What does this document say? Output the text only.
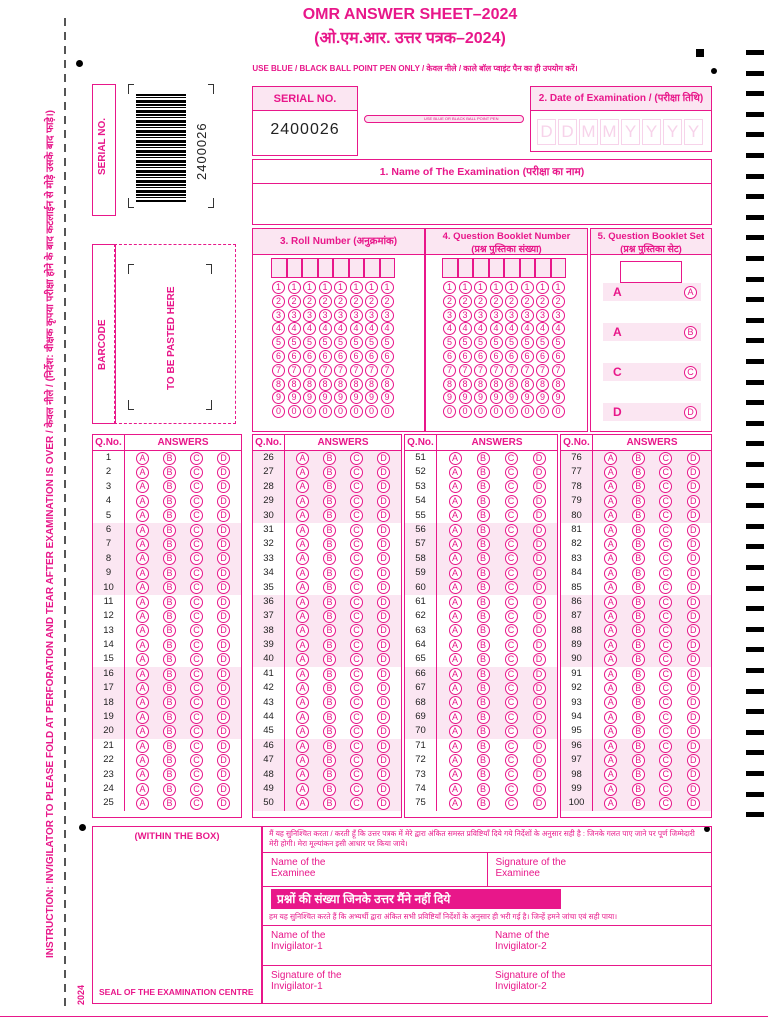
INSTRUCTION: INVIGILATOR TO PLEASE FOLD AT PERFORATION AND TEAR AFTER EXAMINATION IS OVER / केवल नीले / (निर्देश: वीक्षक कृपया परीक्षा होने के बाद कटलाईन से मोड़े उसके बाद फाड़े।)
OMR ANSWER SHEET–2024
(ओ.एम.आर. उत्तर पत्रक–2024)
USE BLUE / BLACK BALL POINT PEN ONLY / केवल नीले / काले बॉल प्वाइंट पैन का ही उपयोग करें।
SERIAL NO.	2400026
BARCODE	TO BE PASTED HERE
SERIAL NO.
2400026
USE BLUE OR BLACK BALL POINT PEN
2. Date of Examination / (परीक्षा तिथि)
D D M M Y Y Y Y
1. Name of The Examination (परीक्षा का नाम)
3. Roll Number (अनुक्रमांक)
1	1	1	1	1	1	1	1
2	2	2	2	2	2	2	2
3	3	3	3	3	3	3	3
4	4	4	4	4	4	4	4
5	5	5	5	5	5	5	5
6	6	6	6	6	6	6	6
7	7	7	7	7	7	7	7
8	8	8	8	8	8	8	8
9	9	9	9	9	9	9	9
0	0	0	0	0	0	0	0
4. Question Booklet Number
(प्रश्न पुस्तिका संख्या)
1	1	1	1	1	1	1	1
2	2	2	2	2	2	2	2
3	3	3	3	3	3	3	3
4	4	4	4	4	4	4	4
5	5	5	5	5	5	5	5
6	6	6	6	6	6	6	6
7	7	7	7	7	7	7	7
8	8	8	8	8	8	8	8
9	9	9	9	9	9	9	9
0	0	0	0	0	0	0	0
5. Question Booklet Set
(प्रश्न पुस्तिका सेट)
A	A
A	B
C	C
D	D
Q.No.	ANSWERS
1	A	B	C	D
2	A	B	C	D
3	A	B	C	D
4	A	B	C	D
5	A	B	C	D
6	A	B	C	D
7	A	B	C	D
8	A	B	C	D
9	A	B	C	D
10	A	B	C	D
11	A	B	C	D
12	A	B	C	D
13	A	B	C	D
14	A	B	C	D
15	A	B	C	D
16	A	B	C	D
17	A	B	C	D
18	A	B	C	D
19	A	B	C	D
20	A	B	C	D
21	A	B	C	D
22	A	B	C	D
23	A	B	C	D
24	A	B	C	D
25	A	B	C	D
Q.No.	ANSWERS
26	A	B	C	D
27	A	B	C	D
28	A	B	C	D
29	A	B	C	D
30	A	B	C	D
31	A	B	C	D
32	A	B	C	D
33	A	B	C	D
34	A	B	C	D
35	A	B	C	D
36	A	B	C	D
37	A	B	C	D
38	A	B	C	D
39	A	B	C	D
40	A	B	C	D
41	A	B	C	D
42	A	B	C	D
43	A	B	C	D
44	A	B	C	D
45	A	B	C	D
46	A	B	C	D
47	A	B	C	D
48	A	B	C	D
49	A	B	C	D
50	A	B	C	D
Q.No.	ANSWERS
51	A	B	C	D
52	A	B	C	D
53	A	B	C	D
54	A	B	C	D
55	A	B	C	D
56	A	B	C	D
57	A	B	C	D
58	A	B	C	D
59	A	B	C	D
60	A	B	C	D
61	A	B	C	D
62	A	B	C	D
63	A	B	C	D
64	A	B	C	D
65	A	B	C	D
66	A	B	C	D
67	A	B	C	D
68	A	B	C	D
69	A	B	C	D
70	A	B	C	D
71	A	B	C	D
72	A	B	C	D
73	A	B	C	D
74	A	B	C	D
75	A	B	C	D
Q.No.	ANSWERS
76	A	B	C	D
77	A	B	C	D
78	A	B	C	D
79	A	B	C	D
80	A	B	C	D
81	A	B	C	D
82	A	B	C	D
83	A	B	C	D
84	A	B	C	D
85	A	B	C	D
86	A	B	C	D
87	A	B	C	D
88	A	B	C	D
89	A	B	C	D
90	A	B	C	D
91	A	B	C	D
92	A	B	C	D
93	A	B	C	D
94	A	B	C	D
95	A	B	C	D
96	A	B	C	D
97	A	B	C	D
98	A	B	C	D
99	A	B	C	D
100	A	B	C	D
(WITHIN THE BOX)
SEAL OF THE EXAMINATION CENTRE
2024
मैं यह सुनिश्चित करता / करती हूँ कि उत्तर पत्रक में मेरे द्वारा अंकित समस्त प्रविष्टियाँ दिये गये निर्देशों के अनुसार सही है : जिनके गलत पाए जाने पर पूर्ण जिम्मेदारी मेरी होगी। मेरा मूल्यांकन इसी आधार पर किया जाये।
Name of the
Examinee
Signature of the
Examinee
प्रश्नों की संख्या जिनके उत्तर मैंने नहीं दिये
हम यह सुनिश्चित करते हैं कि अभ्यर्थी द्वारा अंकित सभी प्रविष्टियाँ निर्देशों के अनुसार ही भरी गई है। जिन्हें हमने जांचा एवं सही पाया।
Name of the
Invigilator-1
Name of the
Invigilator-2
Signature of the
Invigilator-1
Signature of the
Invigilator-2
